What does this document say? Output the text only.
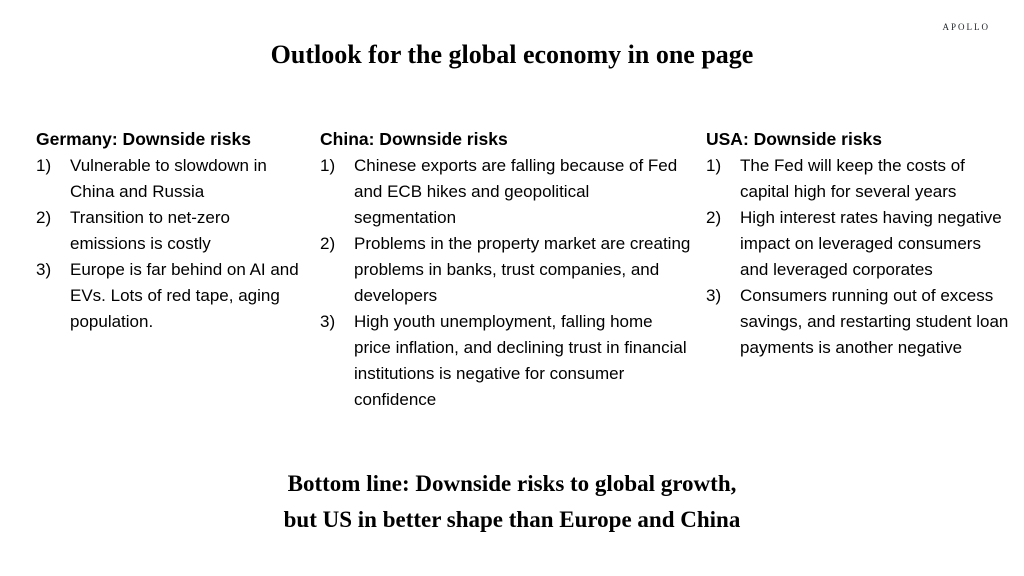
APOLLO
Outlook for the global economy in one page
Germany: Downside risks
1)	Vulnerable to slowdown in China and Russia
2)	Transition to net-zero emissions is costly
3)	Europe is far behind on AI and EVs. Lots of red tape, aging population.
China: Downside risks
1)	Chinese exports are falling because of Fed and ECB hikes and geopolitical segmentation
2)	Problems in the property market are creating problems in banks, trust companies, and developers
3)	High youth unemployment, falling home price inflation, and declining trust in financial institutions is negative for consumer confidence
USA: Downside risks
1)	The Fed will keep the costs of capital high for several years
2)	High interest rates having negative impact on leveraged consumers and leveraged corporates
3)	Consumers running out of excess savings, and restarting student loan payments is another negative
Bottom line: Downside risks to global growth,
but US in better shape than Europe and China
